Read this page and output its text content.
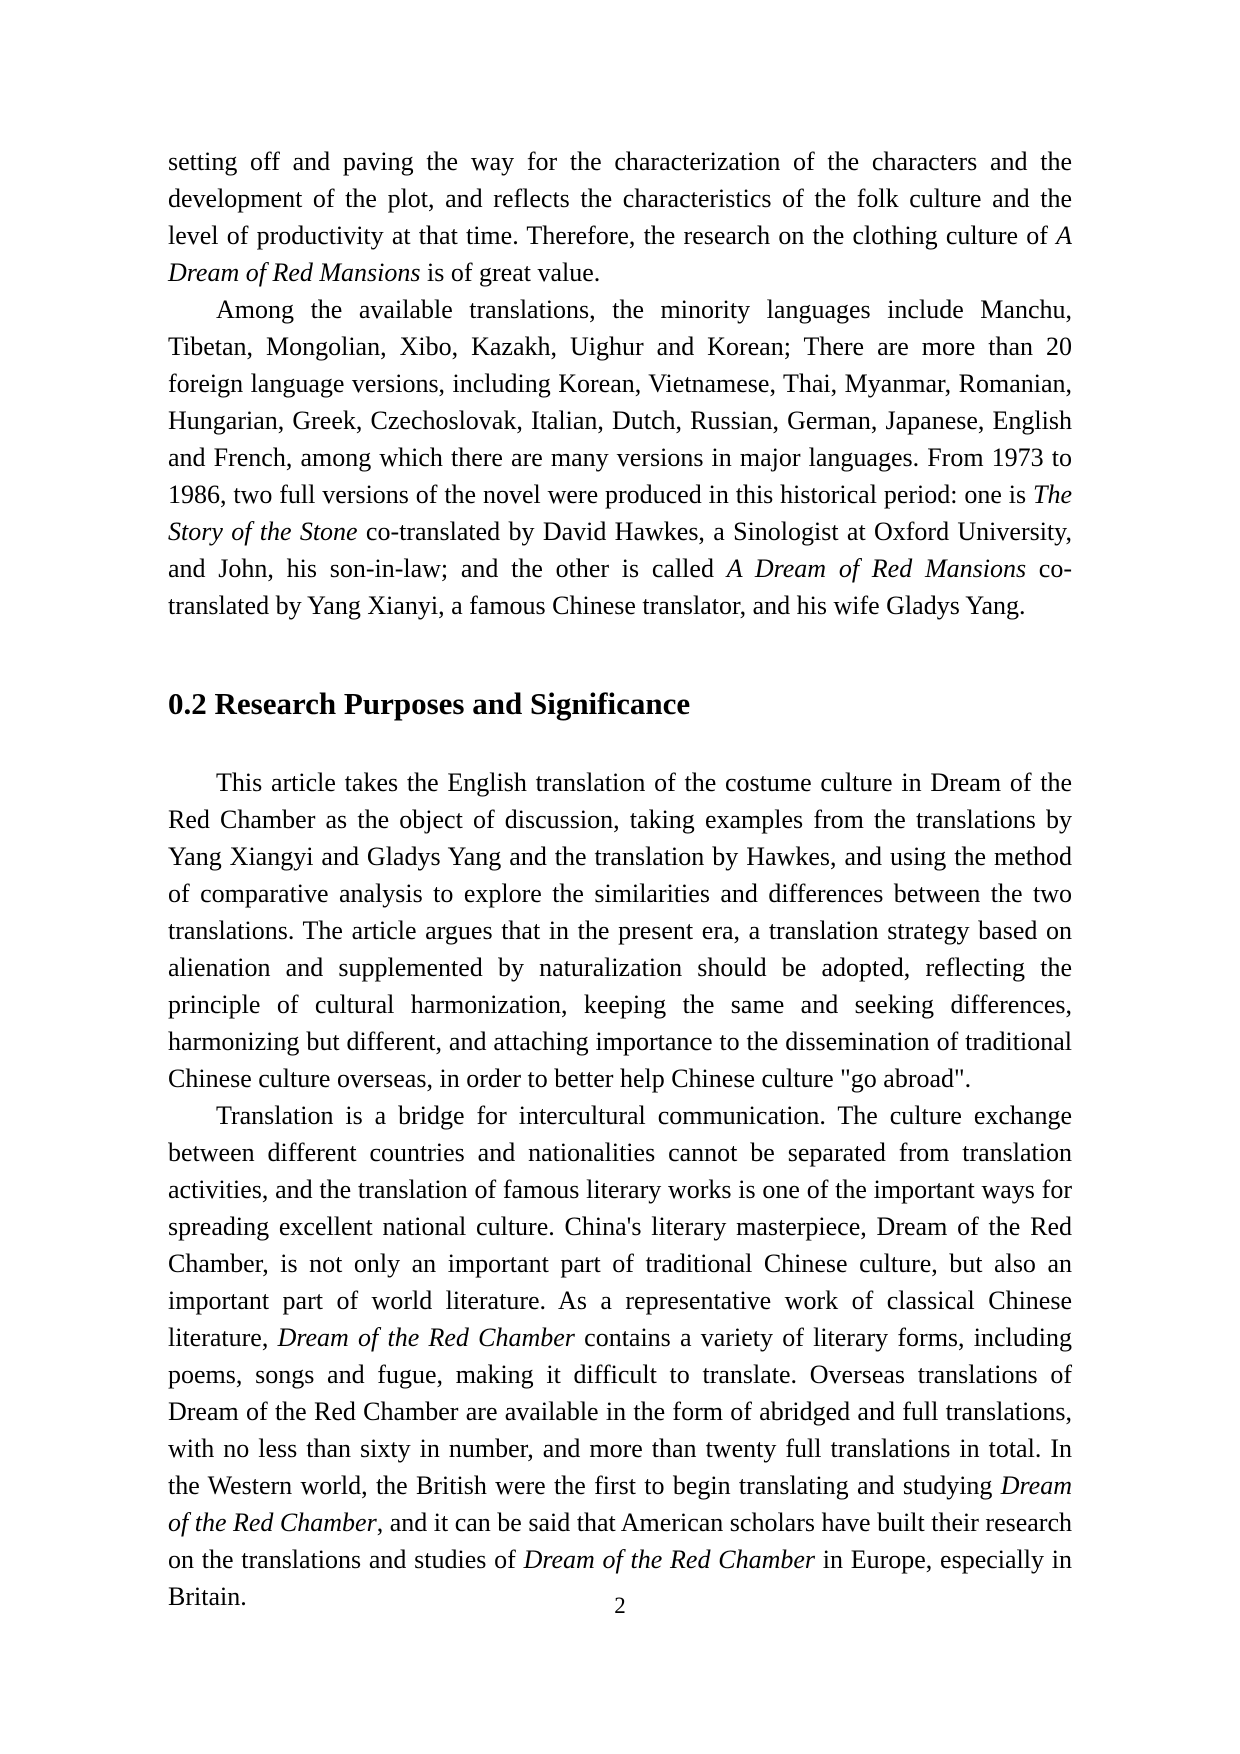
setting off and paving the way for the characterization of the characters and the development of the plot, and reflects the characteristics of the folk culture and the level of productivity at that time. Therefore, the research on the clothing culture of A Dream of Red Mansions is of great value.

Among the available translations, the minority languages include Manchu, Tibetan, Mongolian, Xibo, Kazakh, Uighur and Korean; There are more than 20 foreign language versions, including Korean, Vietnamese, Thai, Myanmar, Romanian, Hungarian, Greek, Czechoslovak, Italian, Dutch, Russian, German, Japanese, English and French, among which there are many versions in major languages. From 1973 to 1986, two full versions of the novel were produced in this historical period: one is The Story of the Stone co-translated by David Hawkes, a Sinologist at Oxford University, and John, his son-in-law; and the other is called A Dream of Red Mansions co-translated by Yang Xianyi, a famous Chinese translator, and his wife Gladys Yang.

0.2 Research Purposes and Significance

This article takes the English translation of the costume culture in Dream of the Red Chamber as the object of discussion, taking examples from the translations by Yang Xiangyi and Gladys Yang and the translation by Hawkes, and using the method of comparative analysis to explore the similarities and differences between the two translations. The article argues that in the present era, a translation strategy based on alienation and supplemented by naturalization should be adopted, reflecting the principle of cultural harmonization, keeping the same and seeking differences, harmonizing but different, and attaching importance to the dissemination of traditional Chinese culture overseas, in order to better help Chinese culture "go abroad".

Translation is a bridge for intercultural communication. The culture exchange between different countries and nationalities cannot be separated from translation activities, and the translation of famous literary works is one of the important ways for spreading excellent national culture. China's literary masterpiece, Dream of the Red Chamber, is not only an important part of traditional Chinese culture, but also an important part of world literature. As a representative work of classical Chinese literature, Dream of the Red Chamber contains a variety of literary forms, including poems, songs and fugue, making it difficult to translate. Overseas translations of Dream of the Red Chamber are available in the form of abridged and full translations, with no less than sixty in number, and more than twenty full translations in total. In the Western world, the British were the first to begin translating and studying Dream of the Red Chamber, and it can be said that American scholars have built their research on the translations and studies of Dream of the Red Chamber in Europe, especially in Britain.	2
